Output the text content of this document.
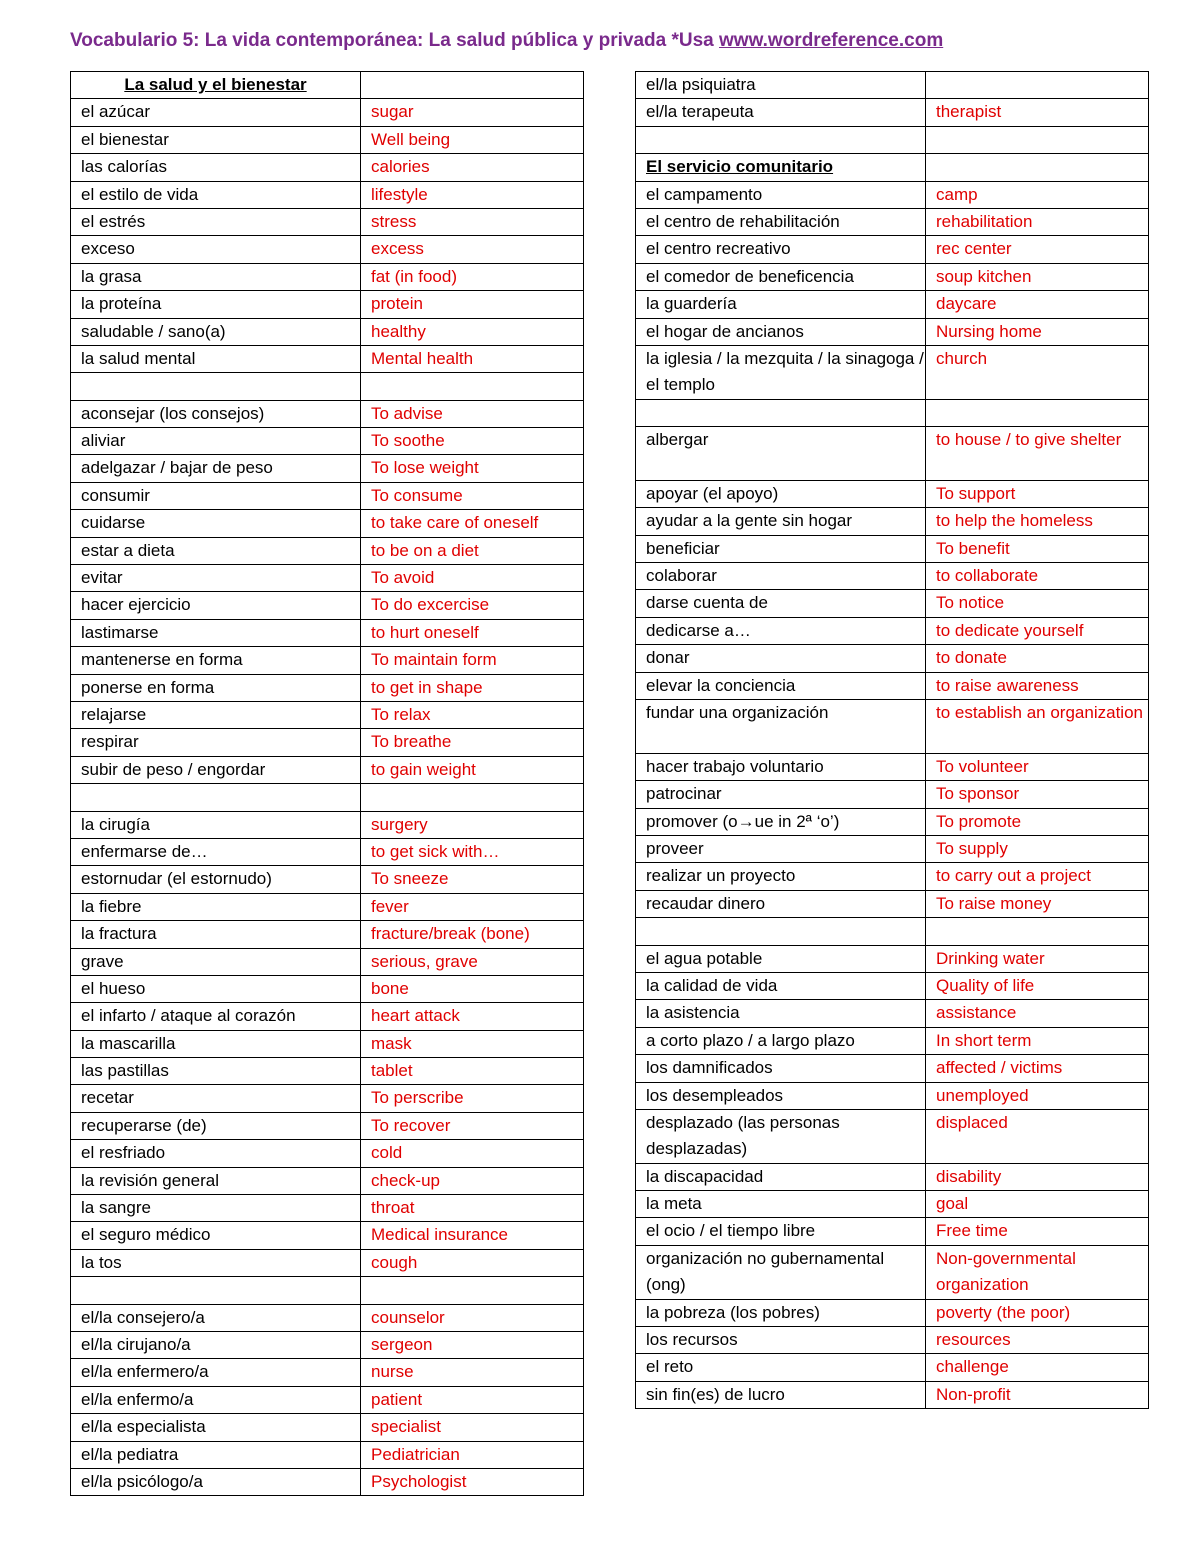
Vocabulario 5: La vida contemporánea: La salud pública y privada *Usa www.wordreference.com
La salud y el bienestar	
el azúcar	sugar
el bienestar	Well being
las calorías	calories
el estilo de vida	lifestyle
el estrés	stress
exceso	excess
la grasa	fat (in food)
la proteína	protein
saludable / sano(a)	healthy
la salud mental	Mental health

aconsejar (los consejos)	To advise
aliviar	To soothe
adelgazar / bajar de peso	To lose weight
consumir	To consume
cuidarse	to take care of oneself
estar a dieta	to be on a diet
evitar	To avoid
hacer ejercicio	To do excercise
lastimarse	to hurt oneself
mantenerse en forma	To maintain form
ponerse en forma	to get in shape
relajarse	To relax
respirar	To breathe
subir de peso / engordar	to gain weight

la cirugía	surgery
enfermarse de…	to get sick with…
estornudar (el estornudo)	To sneeze
la fiebre	fever
la fractura	fracture/break (bone)
grave	serious, grave
el hueso	bone
el infarto / ataque al corazón	heart attack
la mascarilla	mask
las pastillas	tablet
recetar	To perscribe
recuperarse (de)	To recover
el resfriado	cold
la revisión general	check-up
la sangre	throat
el seguro médico	Medical insurance
la tos	cough

el/la consejero/a	counselor
el/la cirujano/a	sergeon
el/la enfermero/a	nurse
el/la enfermo/a	patient
el/la especialista	specialist
el/la pediatra	Pediatrician
el/la psicólogo/a	Psychologist
el/la psiquiatra	
el/la terapeuta	therapist

El servicio comunitario	
el campamento	camp
el centro de rehabilitación	rehabilitation
el centro recreativo	rec center
el comedor de beneficencia	soup kitchen
la guardería	daycare
el hogar de ancianos	Nursing home
la iglesia / la mezquita / la sinagoga / el templo	church

albergar	to house / to give shelter
apoyar (el apoyo)	To support
ayudar a la gente sin hogar	to help the homeless
beneficiar	To benefit
colaborar	to collaborate
darse cuenta de	To notice
dedicarse a…	to dedicate yourself
donar	to donate
elevar la conciencia	to raise awareness
fundar una organización	to establish an organization
hacer trabajo voluntario	To volunteer
patrocinar	To sponsor
promover (o→ue in 2ª ‘o’)	To promote
proveer	To supply
realizar un proyecto	to carry out a project
recaudar dinero	To raise money

el agua potable	Drinking water
la calidad de vida	Quality of life
la asistencia	assistance
a corto plazo / a largo plazo	In short term
los damnificados	affected / victims
los desempleados	unemployed
desplazado (las personas desplazadas)	displaced
la discapacidad	disability
la meta	goal
el ocio / el tiempo libre	Free time
organización no gubernamental (ong)	Non-governmental organization
la pobreza (los pobres)	poverty (the poor)
los recursos	resources
el reto	challenge
sin fin(es) de lucro	Non-profit
